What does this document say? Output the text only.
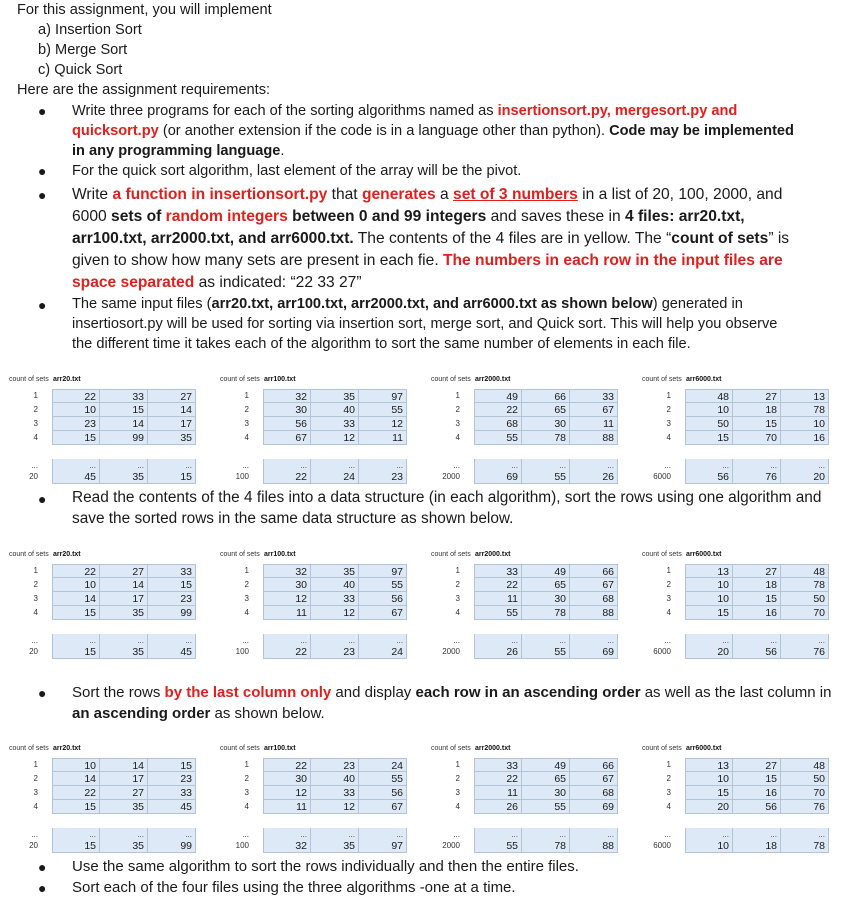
For this assignment, you will implement
a) Insertion Sort
b) Merge Sort
c) Quick Sort
Here are the assignment requirements:
● Write three programs for each of the sorting algorithms named as insertionsort.py, mergesort.py and
quicksort.py (or another extension if the code is in a language other than python). Code may be implemented
in any programming language.
● For the quick sort algorithm, last element of the array will be the pivot.
● Write a function in insertionsort.py that generates a set of 3 numbers in a list of 20, 100, 2000, and
6000 sets of random integers between 0 and 99 integers and saves these in 4 files: arr20.txt,
arr100.txt, arr2000.txt, and arr6000.txt. The contents of the 4 files are in yellow. The “count of sets” is
given to show how many sets are present in each fie. The numbers in each row in the input files are
space separated as indicated: “22 33 27”
● The same input files (arr20.txt, arr100.txt, arr2000.txt, and arr6000.txt as shown below) generated in
insertiosort.py will be used for sorting via insertion sort, merge sort, and Quick sort. This will help you observe
the different time it takes each of the algorithm to sort the same number of elements in each file.
count of sets arr20.txt
1	22	33	27
2	10	15	14
3	23	14	17
4	15	99	35
...	...	...	...
20	45	35	15
count of sets arr100.txt
1	32	35	97
2	30	40	55
3	56	33	12
4	67	12	11
...	...	...	...
100	22	24	23
count of sets arr2000.txt
1	49	66	33
2	22	65	67
3	68	30	11
4	55	78	88
...	...	...	...
2000	69	55	26
count of sets arr6000.txt
1	48	27	13
2	10	18	78
3	50	15	10
4	15	70	16
...	...	...	...
6000	56	76	20
● Read the contents of the 4 files into a data structure (in each algorithm), sort the rows using one algorithm and
save the sorted rows in the same data structure as shown below.
count of sets arr20.txt
1	22	27	33
2	10	14	15
3	14	17	23
4	15	35	99
...	...	...	...
20	15	35	45
count of sets arr100.txt
1	32	35	97
2	30	40	55
3	12	33	56
4	11	12	67
...	...	...	...
100	22	23	24
count of sets arr2000.txt
1	33	49	66
2	22	65	67
3	11	30	68
4	55	78	88
...	...	...	...
2000	26	55	69
count of sets arr6000.txt
1	13	27	48
2	10	18	78
3	10	15	50
4	15	16	70
...	...	...	...
6000	20	56	76
● Sort the rows by the last column only and display each row in an ascending order as well as the last column in
an ascending order as shown below.
count of sets arr20.txt
1	10	14	15
2	14	17	23
3	22	27	33
4	15	35	45
...	...	...	...
20	15	35	99
count of sets arr100.txt
1	22	23	24
2	30	40	55
3	12	33	56
4	11	12	67
...	...	...	...
100	32	35	97
count of sets arr2000.txt
1	33	49	66
2	22	65	67
3	11	30	68
4	26	55	69
...	...	...	...
2000	55	78	88
count of sets arr6000.txt
1	13	27	48
2	10	15	50
3	15	16	70
4	20	56	76
...	...	...	...
6000	10	18	78
● Use the same algorithm to sort the rows individually and then the entire files.
● Sort each of the four files using the three algorithms -one at a time.
